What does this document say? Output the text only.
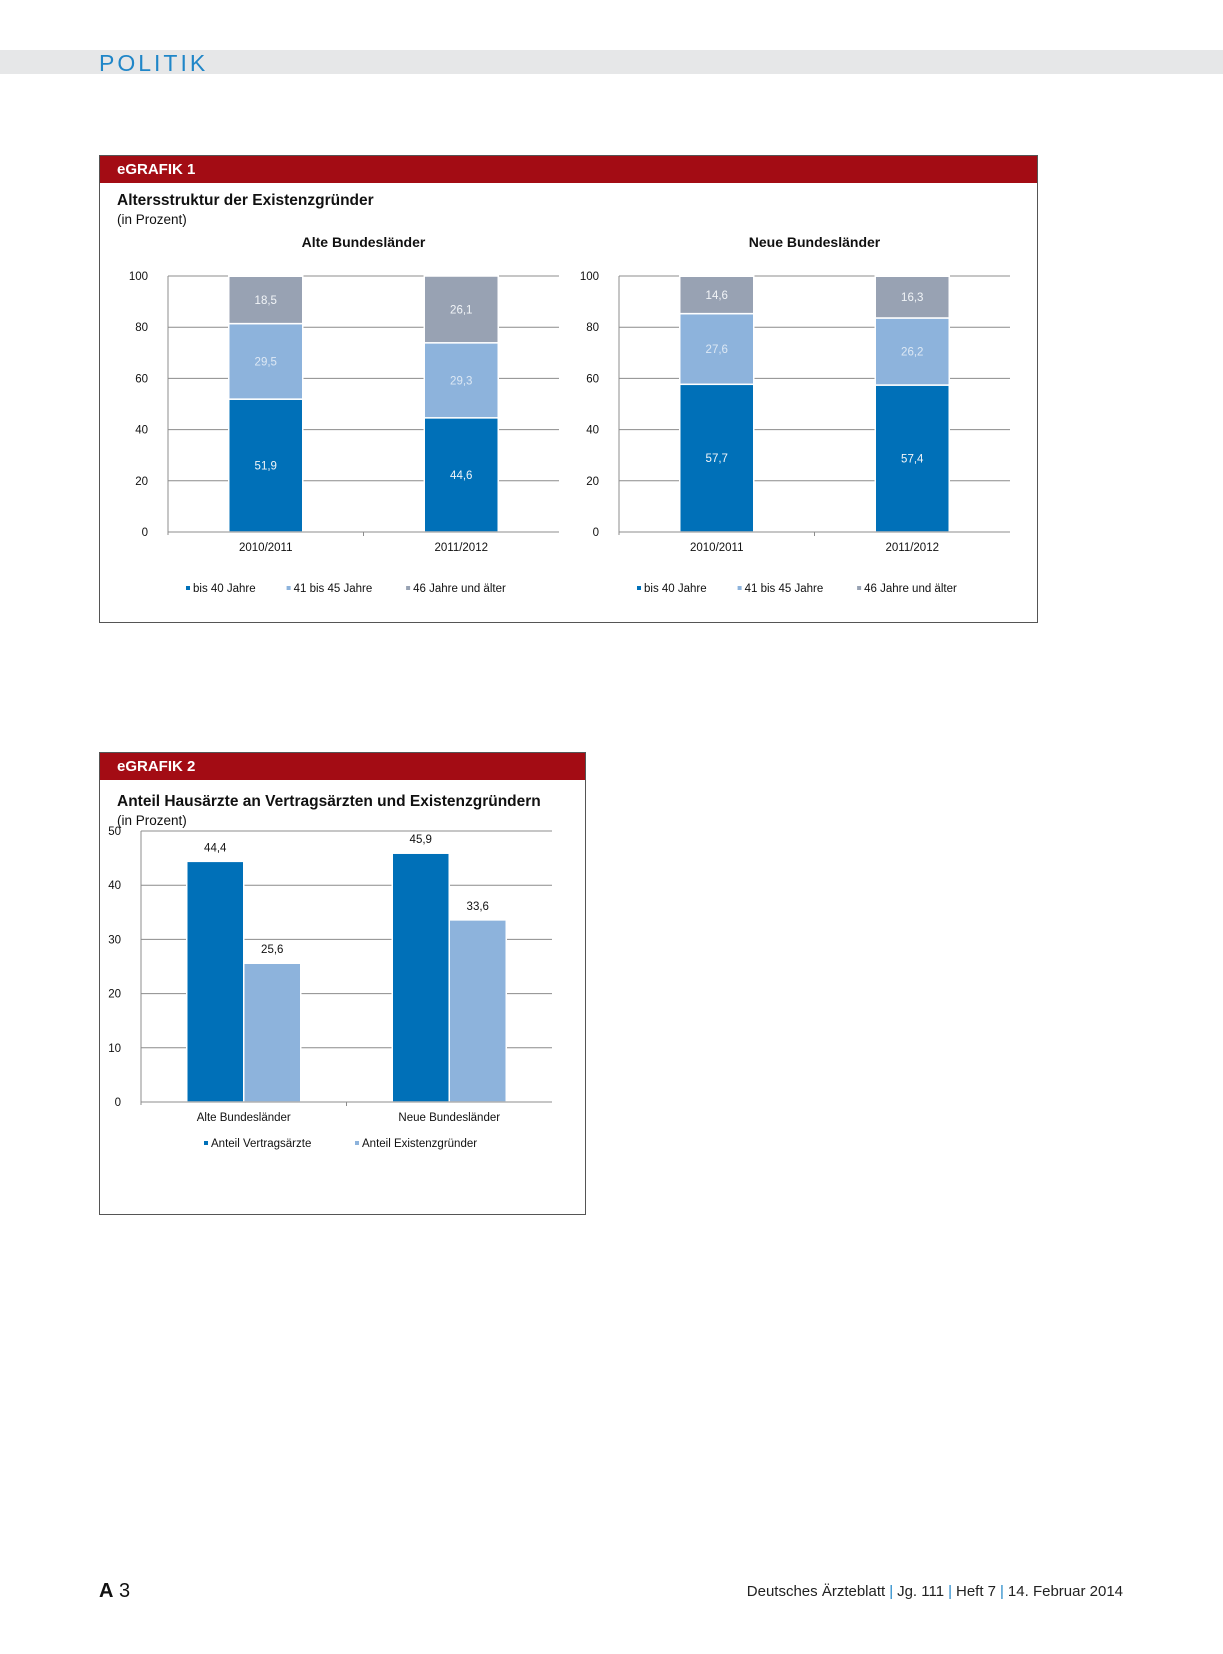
POLITIK
eGRAFIK 1
Altersstruktur der Existenzgründer
(in Prozent)
Alte Bundesländer
0
20
40
60
80
100
2010/2011
51,9
29,5
18,5
2011/2012
44,6
29,3
26,1
bis 40 Jahre	41 bis 45 Jahre	46 Jahre und älter
Neue Bundesländer
0
20
40
60
80
100
2010/2011
57,7
27,6
14,6
2011/2012
57,4
26,2
16,3
bis 40 Jahre	41 bis 45 Jahre	46 Jahre und älter
eGRAFIK 2
Anteil Hausärzte an Vertragsärzten und Existenzgründern
(in Prozent)
0
10
20
30
40
50
Alte Bundesländer
44,4
25,6
Neue Bundesländer
45,9
33,6
Anteil Vertragsärzte	Anteil Existenzgründer
A 3	Deutsches Ärzteblatt | Jg. 111 | Heft 7 | 14. Februar 2014
